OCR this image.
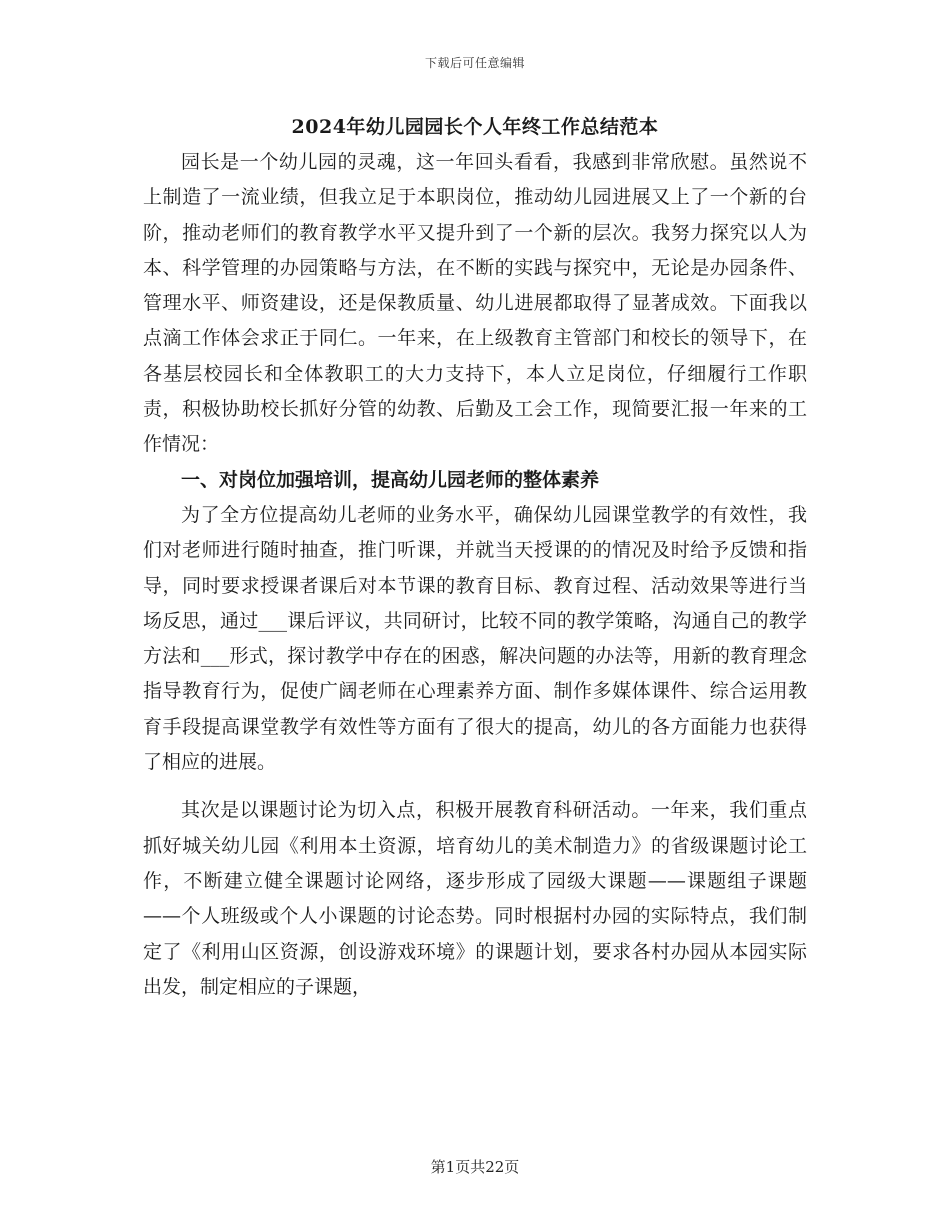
下载后可任意编辑
2024年幼儿园园长个人年终工作总结范本

园长是一个幼儿园的灵魂，这一年回头看看，我感到非常欣慰。虽然说不上制造了一流业绩，但我立足于本职岗位，推动幼儿园进展又上了一个新的台阶，推动老师们的教育教学水平又提升到了一个新的层次。我努力探究以人为本、科学管理的办园策略与方法，在不断的实践与探究中，无论是办园条件、管理水平、师资建设，还是保教质量、幼儿进展都取得了显著成效。下面我以点滴工作体会求正于同仁。一年来，在上级教育主管部门和校长的领导下，在各基层校园长和全体教职工的大力支持下，本人立足岗位，仔细履行工作职责，积极协助校长抓好分管的幼教、后勤及工会工作，现简要汇报一年来的工作情况：

一、对岗位加强培训，提高幼儿园老师的整体素养

为了全方位提高幼儿老师的业务水平，确保幼儿园课堂教学的有效性，我们对老师进行随时抽查，推门听课，并就当天授课的的情况及时给予反馈和指导，同时要求授课者课后对本节课的教育目标、教育过程、活动效果等进行当场反思，通过___课后评议，共同研讨，比较不同的教学策略，沟通自己的教学方法和___形式，探讨教学中存在的困惑，解决问题的办法等，用新的教育理念指导教育行为，促使广阔老师在心理素养方面、制作多媒体课件、综合运用教育手段提高课堂教学有效性等方面有了很大的提高，幼儿的各方面能力也获得了相应的进展。

其次是以课题讨论为切入点，积极开展教育科研活动。一年来，我们重点抓好城关幼儿园《利用本土资源，培育幼儿的美术制造力》的省级课题讨论工作，不断建立健全课题讨论网络，逐步形成了园级大课题——课题组子课题——个人班级或个人小课题的讨论态势。同时根据村办园的实际特点，我们制定了《利用山区资源，创设游戏环境》的课题计划，要求各村办园从本园实际出发，制定相应的子课题，

第1页共22页
